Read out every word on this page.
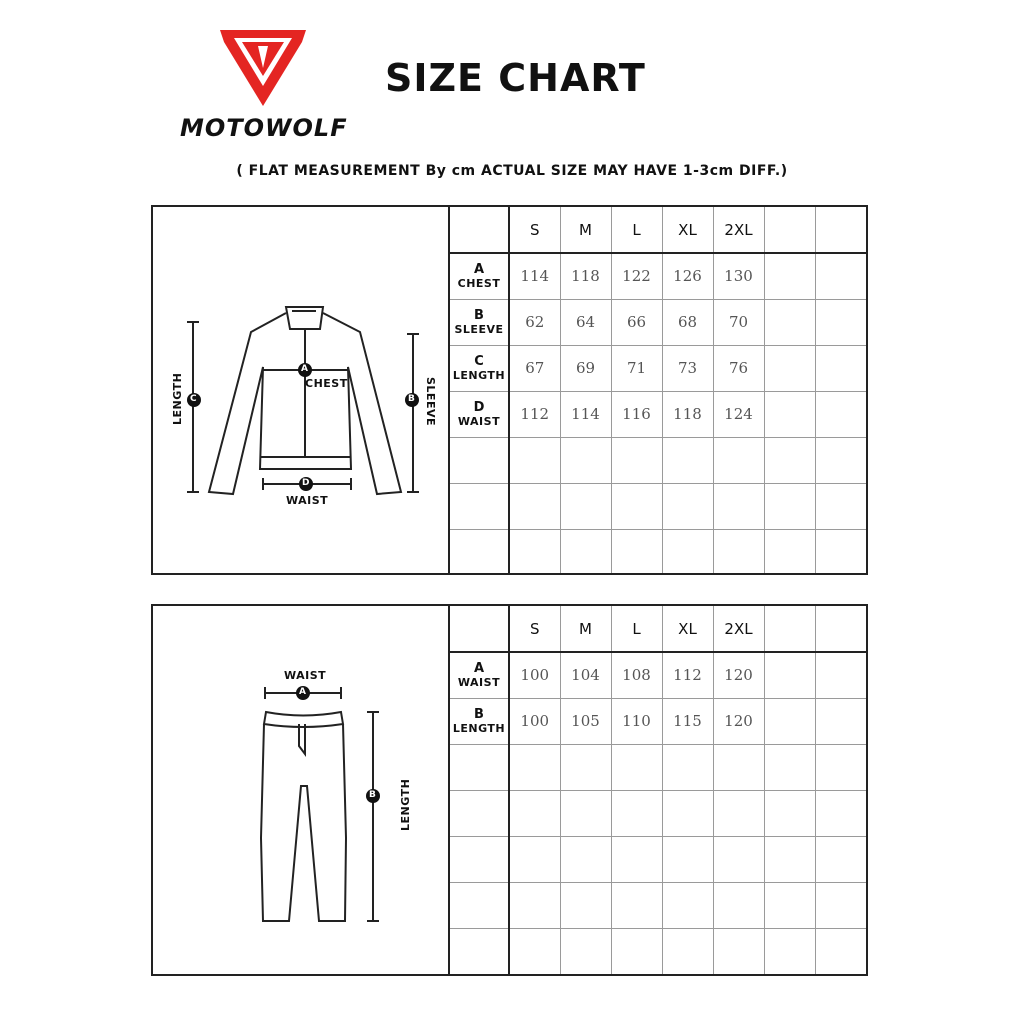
MOTOWOLF
SIZE CHART
( FLAT MEASUREMENT By cm ACTUAL SIZE MAY HAVE 1-3cm DIFF.)
A
C	B
D
CHEST
WAIST
LENGTH	SLEEVE
	S	M	L	XL	2XL		

A
CHEST	114	118	122	126	130		

B
SLEEVE	62	64	66	68	70		

C
LENGTH	67	69	71	73	76		

D
WAIST	112	114	116	118	124		

A
B
WAIST
LENGTH
	S	M	L	XL	2XL		

A
WAIST	100	104	108	112	120		

B
LENGTH	100	105	110	115	120		
